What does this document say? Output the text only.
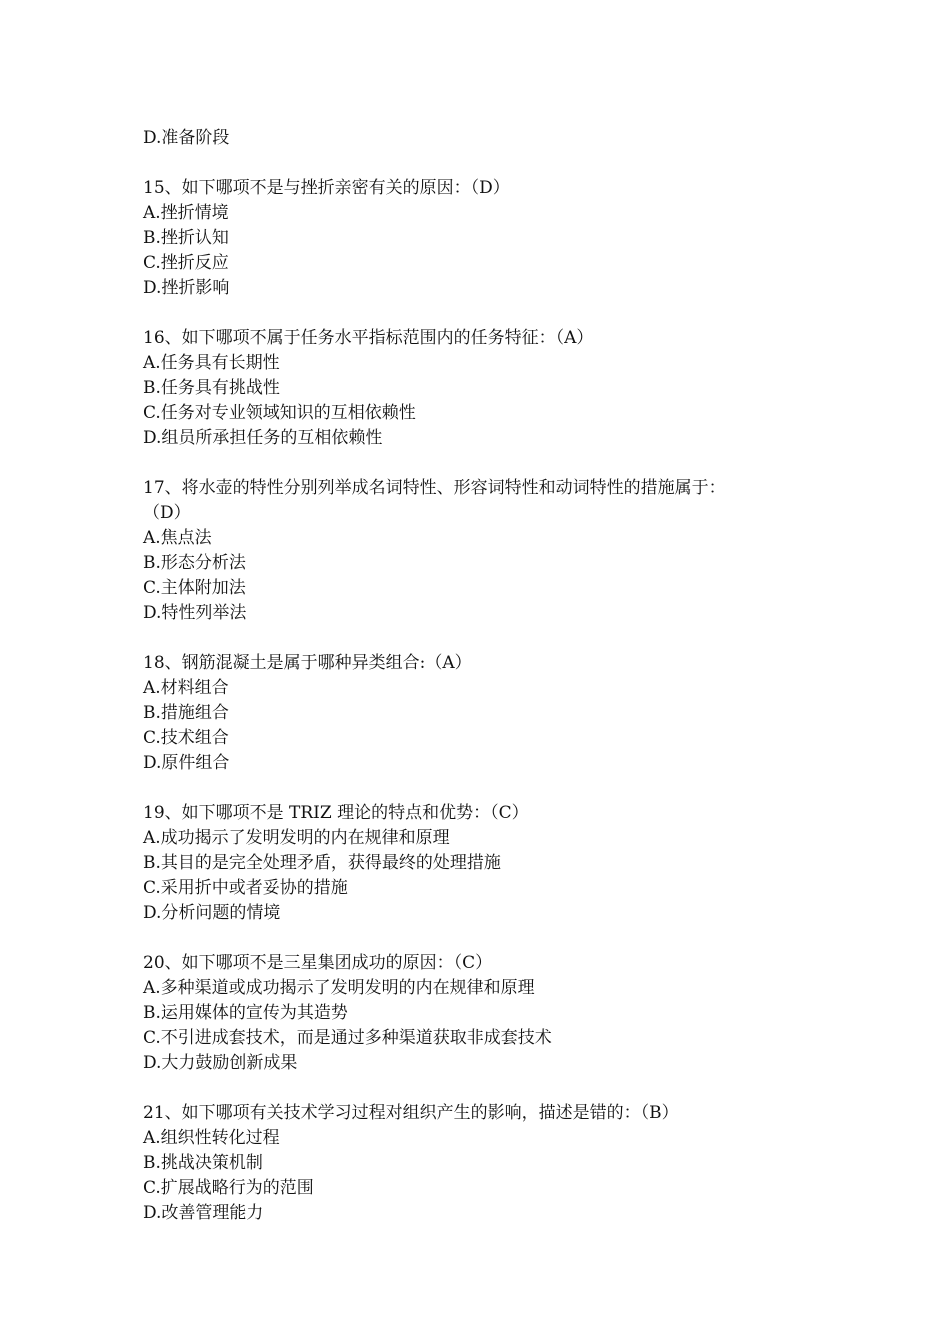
D.准备阶段
15、如下哪项不是与挫折亲密有关的原因：（D）
A.挫折情境
B.挫折认知
C.挫折反应
D.挫折影响
16、如下哪项不属于任务水平指标范围内的任务特征：（A）
A.任务具有长期性
B.任务具有挑战性
C.任务对专业领域知识的互相依赖性
D.组员所承担任务的互相依赖性
17、将水壶的特性分别列举成名词特性、形容词特性和动词特性的措施属于：
（D）
A.焦点法
B.形态分析法
C.主体附加法
D.特性列举法
18、钢筋混凝土是属于哪种异类组合:（A）
A.材料组合
B.措施组合
C.技术组合
D.原件组合
19、如下哪项不是 TRIZ 理论的特点和优势：（C）
A.成功揭示了发明发明的内在规律和原理
B.其目的是完全处理矛盾，获得最终的处理措施
C.采用折中或者妥协的措施
D.分析问题的情境
20、如下哪项不是三星集团成功的原因：（C）
A.多种渠道或成功揭示了发明发明的内在规律和原理
B.运用媒体的宣传为其造势
C.不引进成套技术，而是通过多种渠道获取非成套技术
D.大力鼓励创新成果
21、如下哪项有关技术学习过程对组织产生的影响，描述是错的：（B）
A.组织性转化过程
B.挑战决策机制
C.扩展战略行为的范围
D.改善管理能力
